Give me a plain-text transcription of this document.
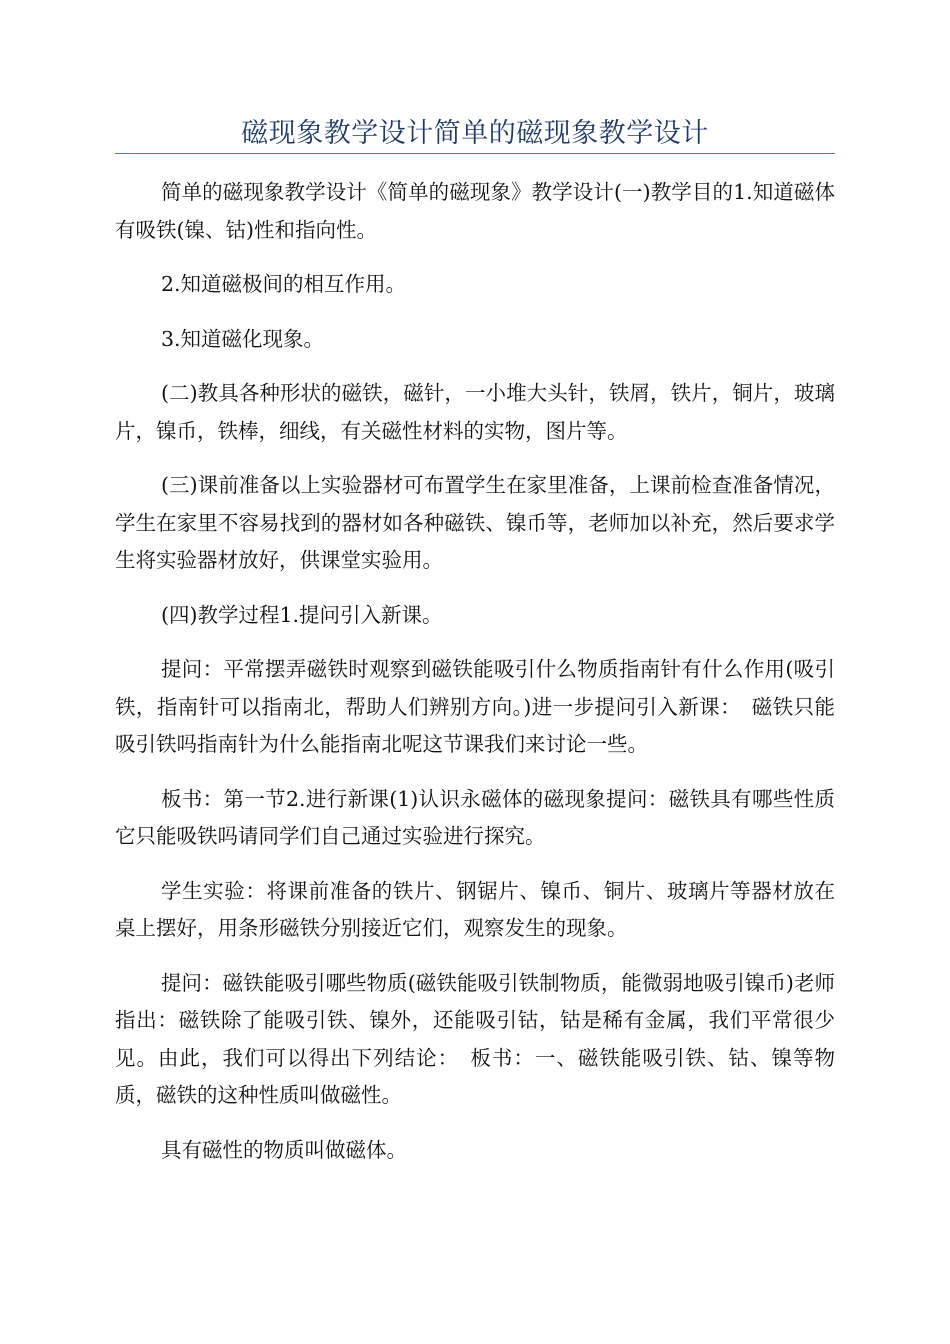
磁现象教学设计简单的磁现象教学设计

简单的磁现象教学设计《简单的磁现象》教学设计(一)教学目的1.知道磁体有吸铁(镍、钴)性和指向性。

2.知道磁极间的相互作用。

3.知道磁化现象。

(二)教具各种形状的磁铁，磁针，一小堆大头针，铁屑，铁片，铜片，玻璃片，镍币，铁棒，细线，有关磁性材料的实物，图片等。

(三)课前准备以上实验器材可布置学生在家里准备，上课前检查准备情况，学生在家里不容易找到的器材如各种磁铁、镍币等，老师加以补充，然后要求学生将实验器材放好，供课堂实验用。

(四)教学过程1.提问引入新课。

提问：平常摆弄磁铁时观察到磁铁能吸引什么物质指南针有什么作用(吸引铁，指南针可以指南北，帮助人们辨别方向。)进一步提问引入新课：　磁铁只能吸引铁吗指南针为什么能指南北呢这节课我们来讨论一些。

板书：第一节2.进行新课(1)认识永磁体的磁现象提问：磁铁具有哪些性质它只能吸铁吗请同学们自己通过实验进行探究。

学生实验：将课前准备的铁片、钢锯片、镍币、铜片、玻璃片等器材放在桌上摆好，用条形磁铁分别接近它们，观察发生的现象。

提问：磁铁能吸引哪些物质(磁铁能吸引铁制物质，能微弱地吸引镍币)老师指出：磁铁除了能吸引铁、镍外，还能吸引钴，钴是稀有金属，我们平常很少见。由此，我们可以得出下列结论：　板书：一、磁铁能吸引铁、钴、镍等物质，磁铁的这种性质叫做磁性。

具有磁性的物质叫做磁体。
